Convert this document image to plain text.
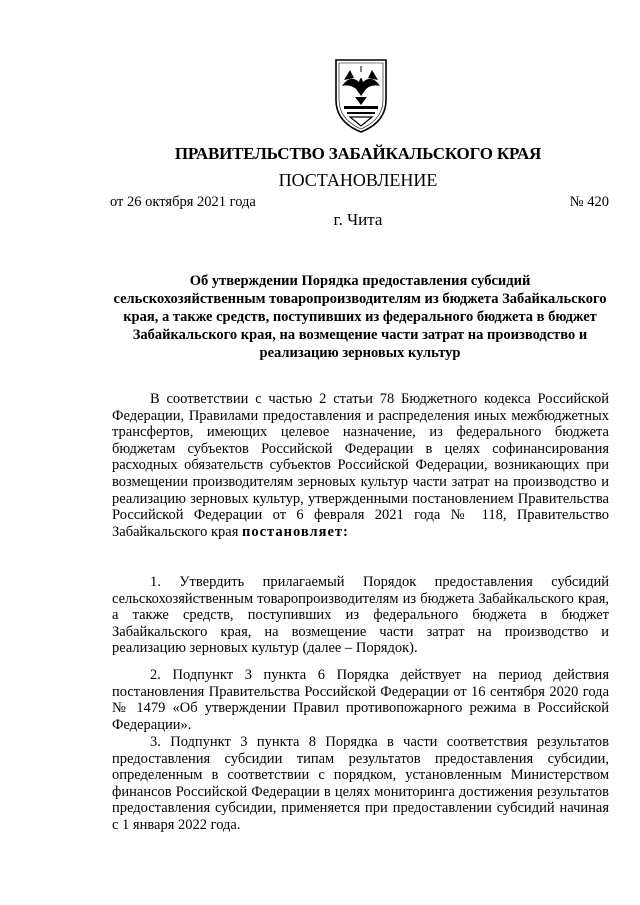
ПРАВИТЕЛЬСТВО ЗАБАЙКАЛЬСКОГО КРАЯ
ПОСТАНОВЛЕНИЕ
от 26 октября 2021 года	№ 420
г. Чита
Об утверждении Порядка предоставления субсидий сельскохозяйственным товаропроизводителям из бюджета Забайкальского края, а также средств, поступивших из федерального бюджета в бюджет Забайкальского края, на возмещение части затрат на производство и реализацию зерновых культур

В соответствии с частью 2 статьи 78 Бюджетного кодекса Российской Федерации, Правилами предоставления и распределения иных межбюджетных трансфертов, имеющих целевое назначение, из федерального бюджета бюджетам субъектов Российской Федерации в целях софинансирования расходных обязательств субъектов Российской Федерации, возникающих при возмещении производителям зерновых культур части затрат на производство и реализацию зерновых культур, утвержденными постановлением Правительства Российской Федерации от 6 февраля 2021 года № 118, Правительство Забайкальского края постановляет:

1. Утвердить прилагаемый Порядок предоставления субсидий сельскохозяйственным товаропроизводителям из бюджета Забайкальского края, а также средств, поступивших из федерального бюджета в бюджет Забайкальского края, на возмещение части затрат на производство и реализацию зерновых культур (далее – Порядок).

2. Подпункт 3 пункта 6 Порядка действует на период действия постановления Правительства Российской Федерации от 16 сентября 2020 года № 1479 «Об утверждении Правил противопожарного режима в Российской Федерации».

3. Подпункт 3 пункта 8 Порядка в части соответствия результатов предоставления субсидии типам результатов предоставления субсидии, определенным в соответствии с порядком, установленным Министерством финансов Российской Федерации в целях мониторинга достижения результатов предоставления субсидии, применяется при предоставлении субсидий начиная с 1 января 2022 года.
